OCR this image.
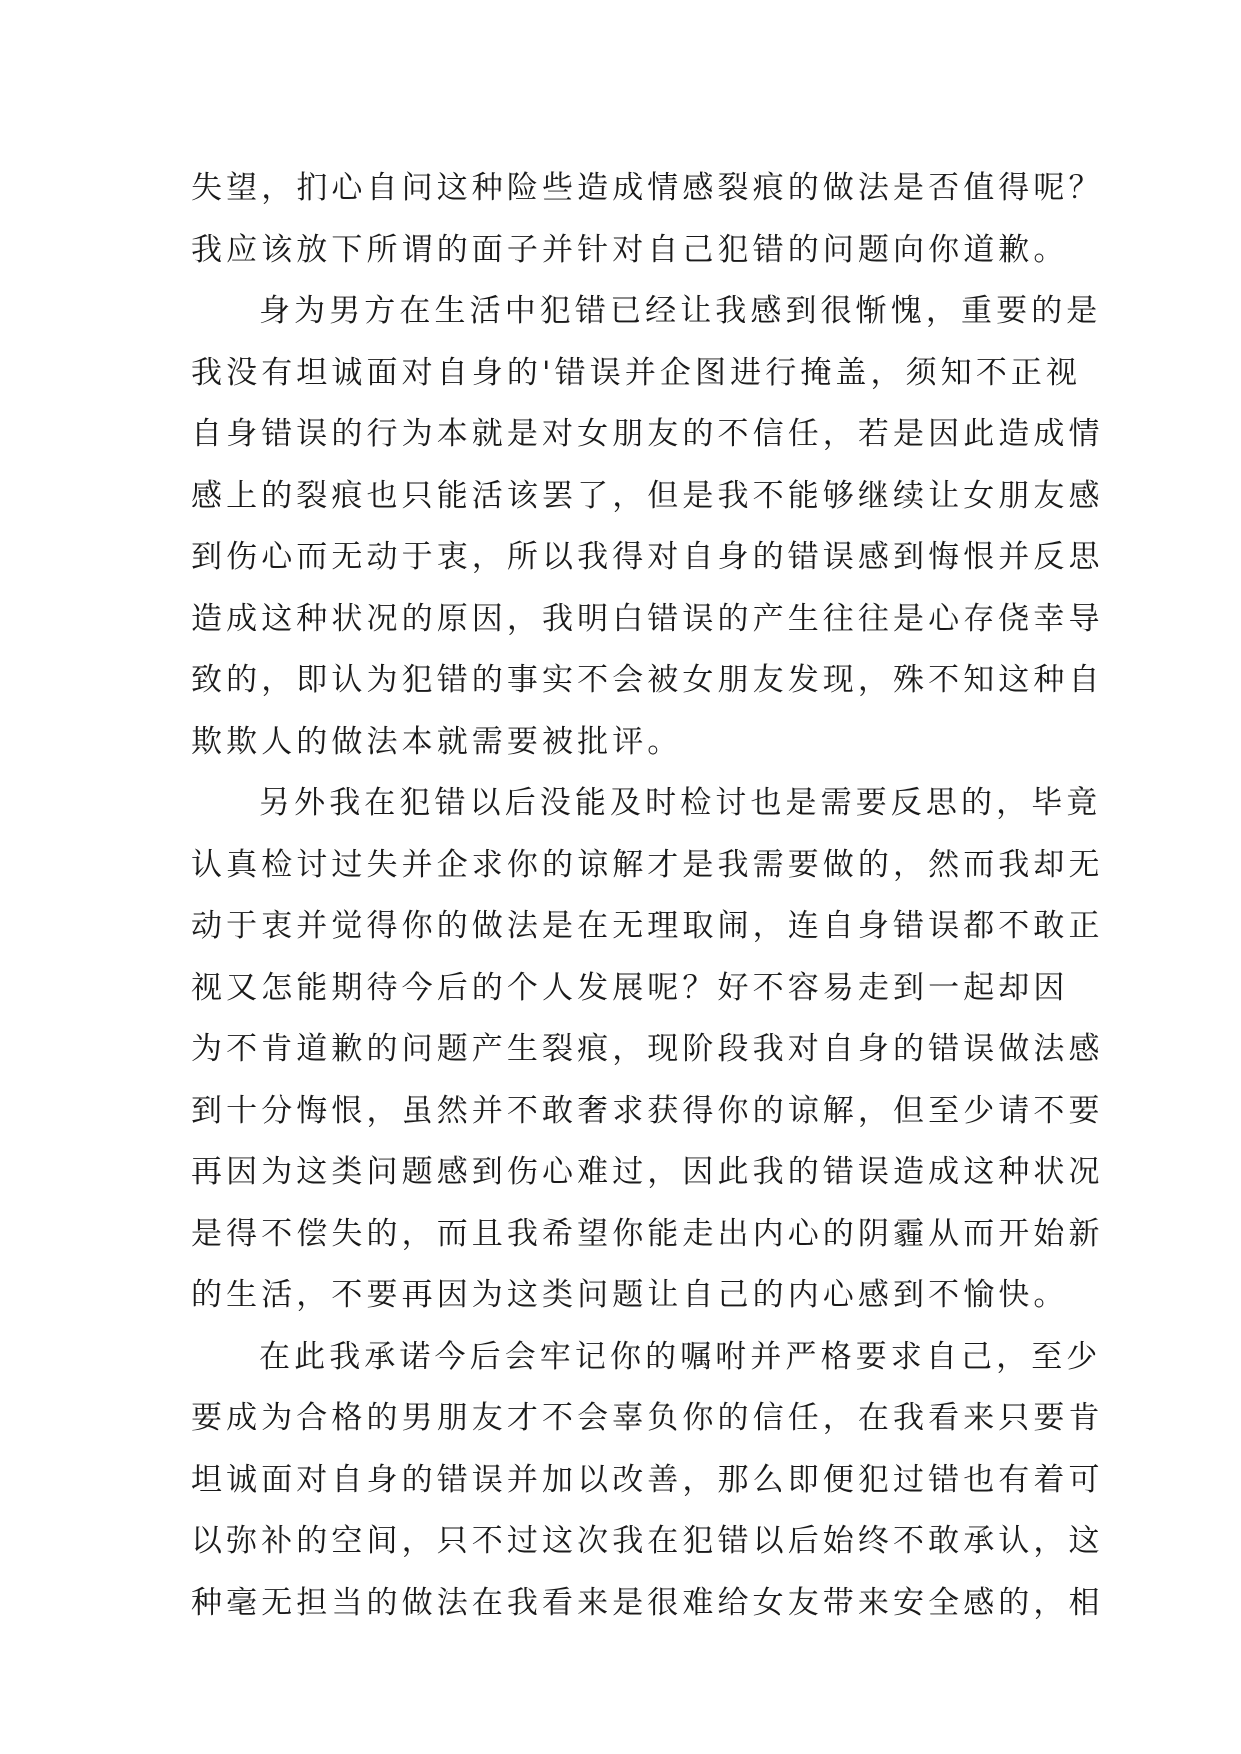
失望，扪心自问这种险些造成情感裂痕的做法是否值得呢？
我应该放下所谓的面子并针对自己犯错的问题向你道歉。
身为男方在生活中犯错已经让我感到很惭愧，重要的是
我没有坦诚面对自身的'错误并企图进行掩盖，须知不正视
自身错误的行为本就是对女朋友的不信任，若是因此造成情
感上的裂痕也只能活该罢了，但是我不能够继续让女朋友感
到伤心而无动于衷，所以我得对自身的错误感到悔恨并反思
造成这种状况的原因，我明白错误的产生往往是心存侥幸导
致的，即认为犯错的事实不会被女朋友发现，殊不知这种自
欺欺人的做法本就需要被批评。
另外我在犯错以后没能及时检讨也是需要反思的，毕竟
认真检讨过失并企求你的谅解才是我需要做的，然而我却无
动于衷并觉得你的做法是在无理取闹，连自身错误都不敢正
视又怎能期待今后的个人发展呢？好不容易走到一起却因
为不肯道歉的问题产生裂痕，现阶段我对自身的错误做法感
到十分悔恨，虽然并不敢奢求获得你的谅解，但至少请不要
再因为这类问题感到伤心难过，因此我的错误造成这种状况
是得不偿失的，而且我希望你能走出内心的阴霾从而开始新
的生活，不要再因为这类问题让自己的内心感到不愉快。
在此我承诺今后会牢记你的嘱咐并严格要求自己，至少
要成为合格的男朋友才不会辜负你的信任，在我看来只要肯
坦诚面对自身的错误并加以改善，那么即便犯过错也有着可
以弥补的空间，只不过这次我在犯错以后始终不敢承认，这
种毫无担当的做法在我看来是很难给女友带来安全感的，相
